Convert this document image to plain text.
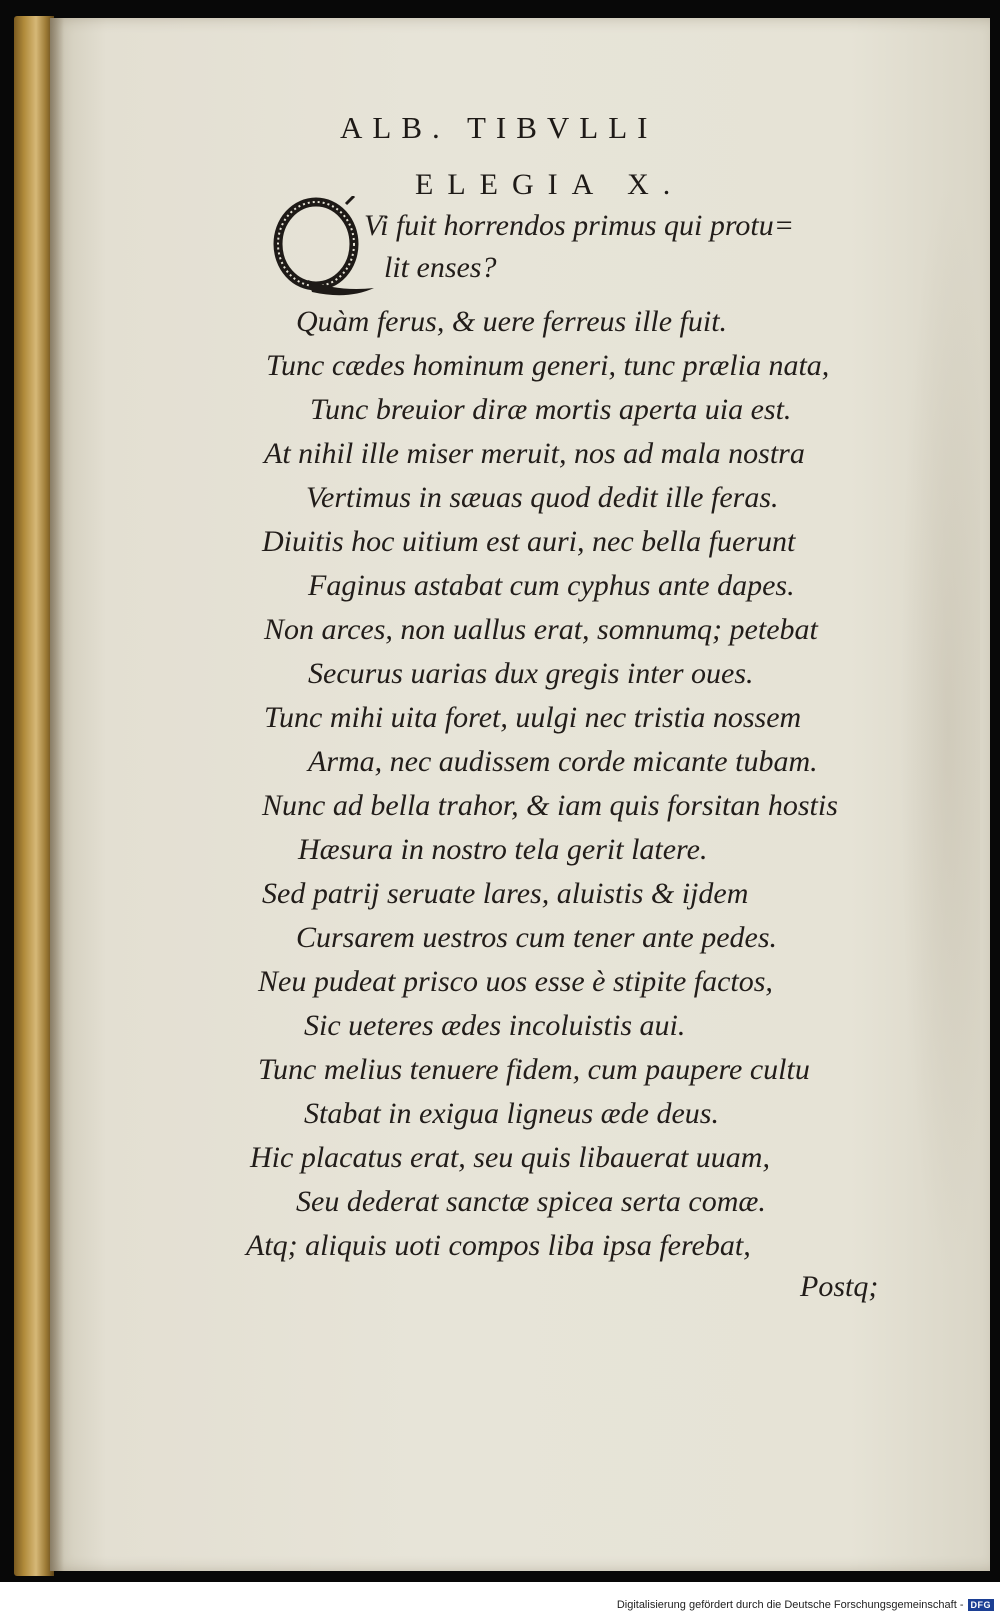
ALB. TIBVLLI
ELEGIA X.
Vi fuit horrendos primus qui protu=
lit enses?
Quàm ferus, & uere ferreus ille fuit.
Tunc cædes hominum generi, tunc prælia nata,
Tunc breuior diræ mortis aperta uia est.
At nihil ille miser meruit, nos ad mala nostra
Vertimus in sæuas quod dedit ille feras.
Diuitis hoc uitium est auri, nec bella fuerunt
Faginus astabat cum cyphus ante dapes.
Non arces, non uallus erat, somnumq; petebat
Securus uarias dux gregis inter oues.
Tunc mihi uita foret, uulgi nec tristia nossem
Arma, nec audissem corde micante tubam.
Nunc ad bella trahor, & iam quis forsitan hostis
Hæsura in nostro tela gerit latere.
Sed patrij seruate lares, aluistis & ijdem
Cursarem uestros cum tener ante pedes.
Neu pudeat prisco uos esse è stipite factos,
Sic ueteres ædes incoluistis aui.
Tunc melius tenuere fidem, cum paupere cultu
Stabat in exigua ligneus æde deus.
Hic placatus erat, seu quis libauerat uuam,
Seu dederat sanctæ spicea serta comæ.
Atq; aliquis uoti compos liba ipsa ferebat,
Postq;
Digitalisierung gefördert durch die Deutsche Forschungsgemeinschaft - DFG
